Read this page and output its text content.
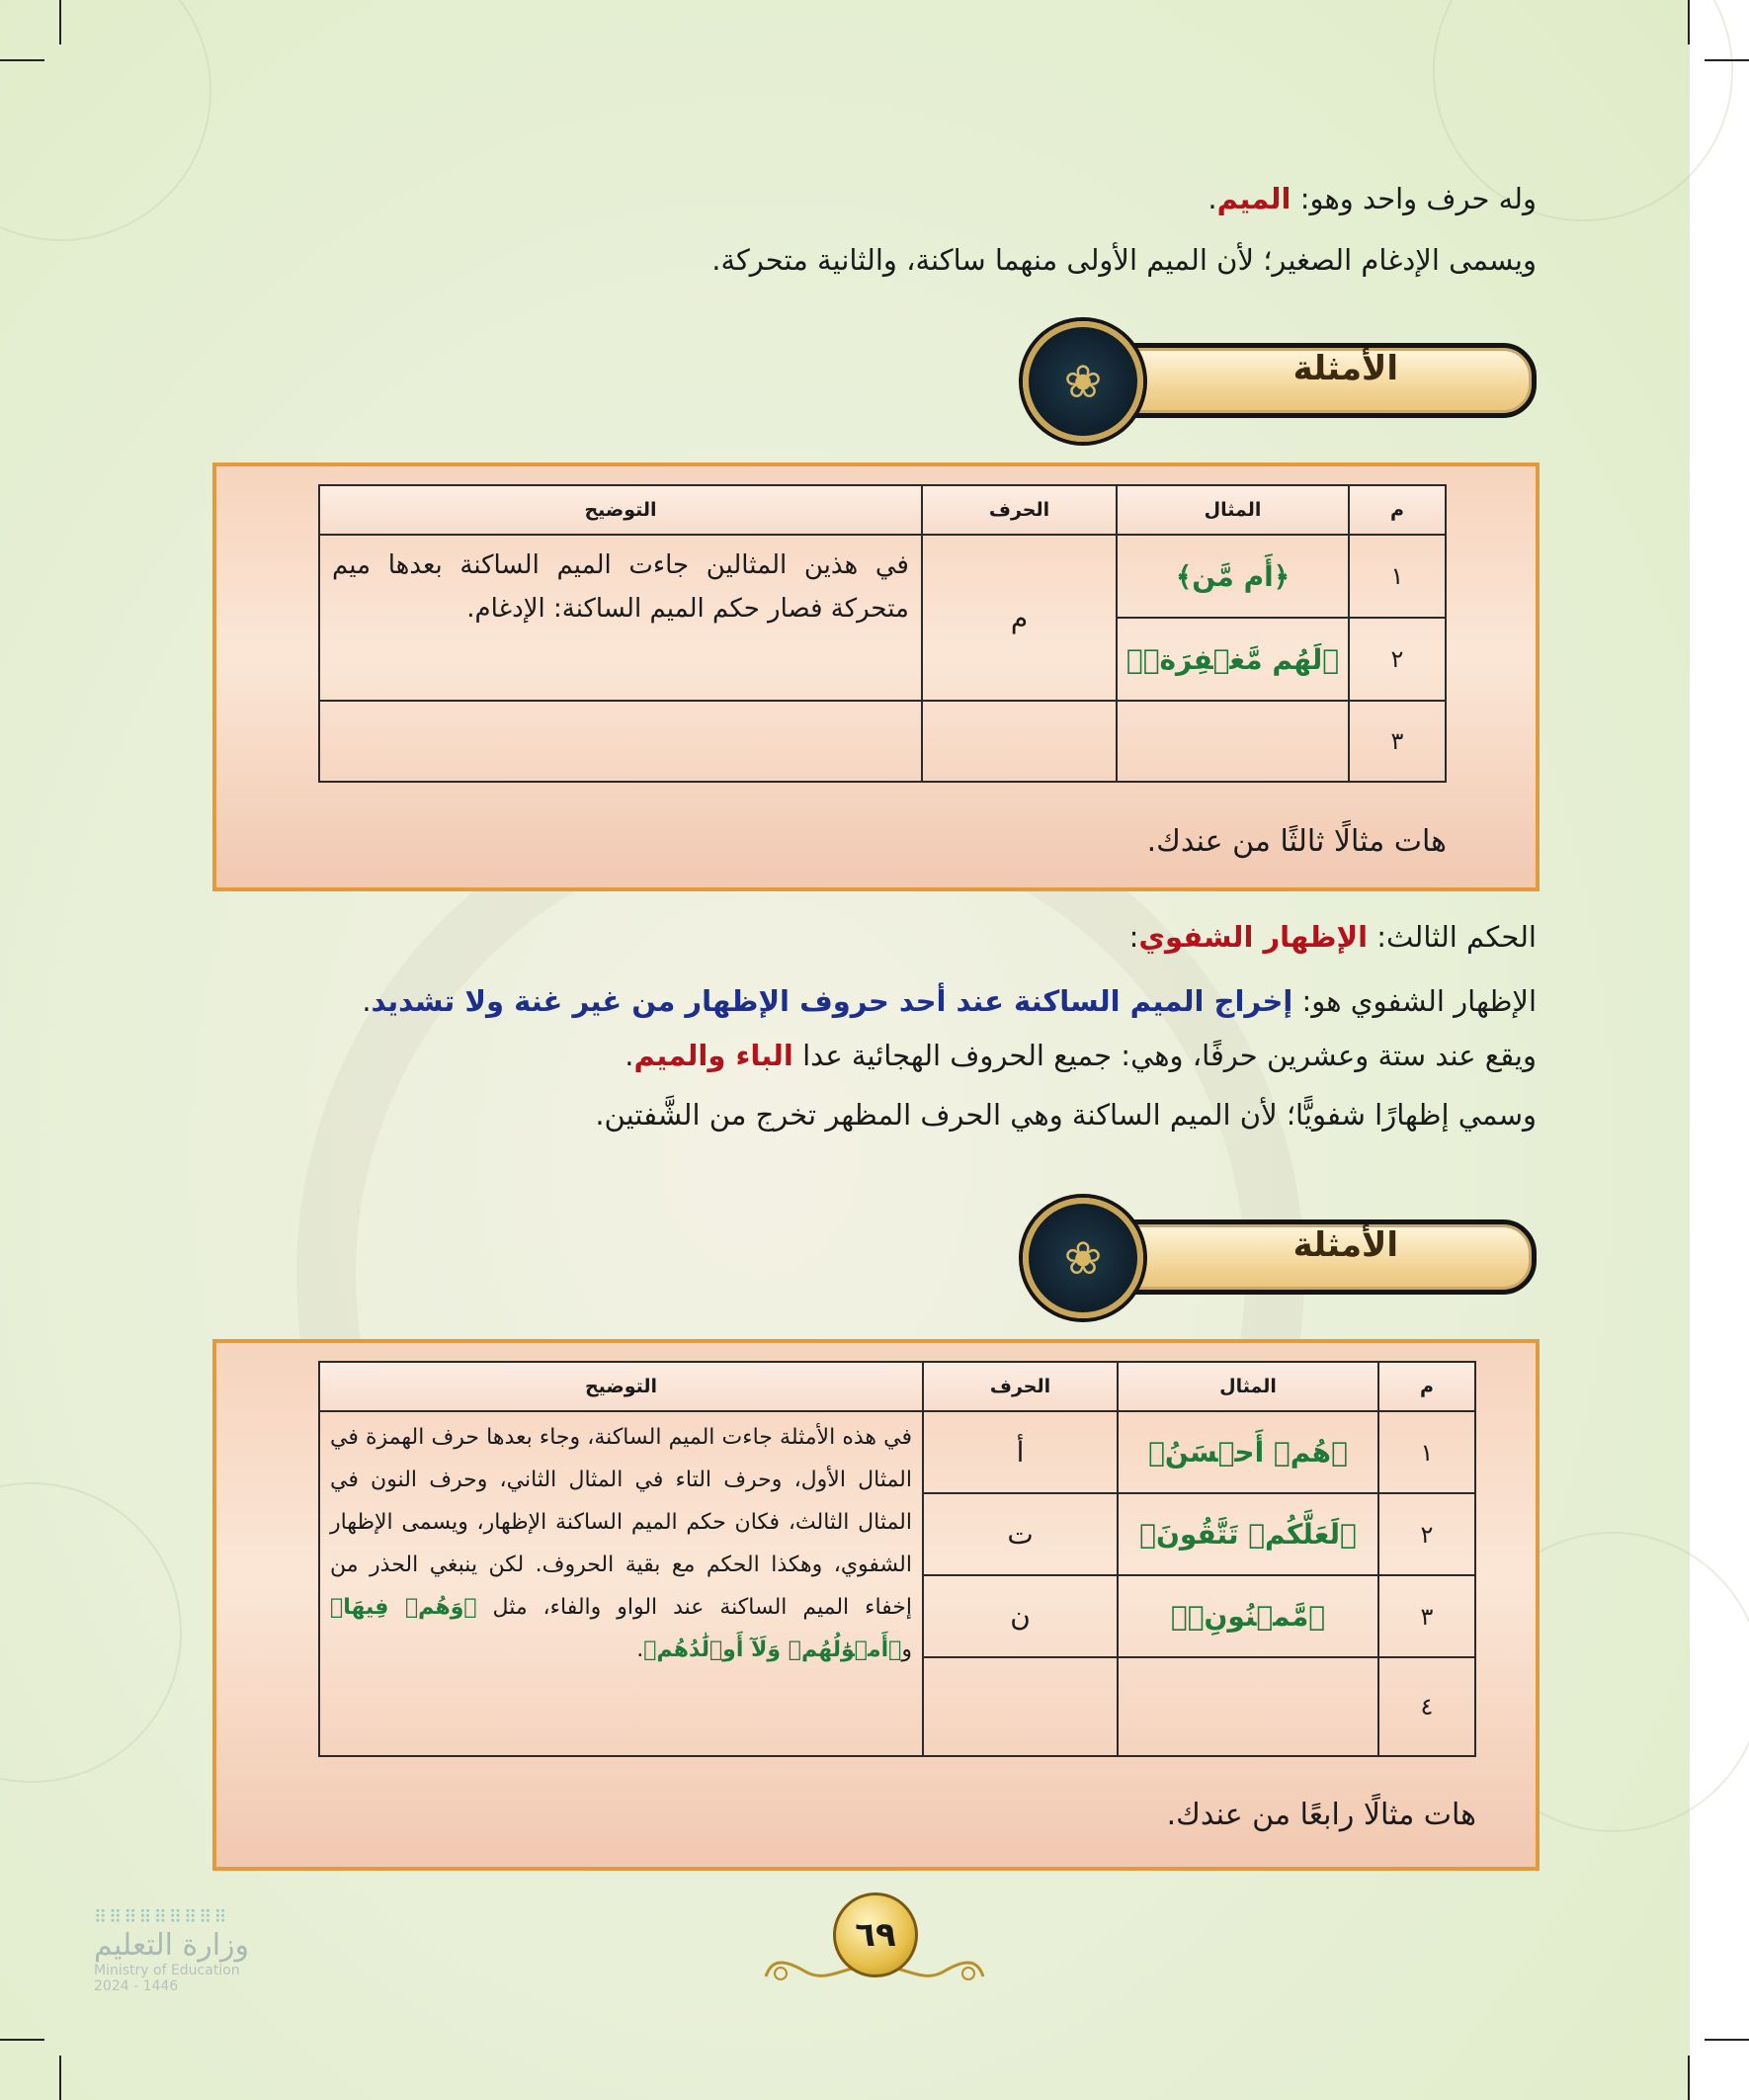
وله حرف واحد وهو: الميم.
ويسمى الإدغام الصغير؛ لأن الميم الأولى منهما ساكنة، والثانية متحركة.
❀	الأمثلة
م	المثال	الحرف	التوضيح
١	﴿أَم مَّن﴾	م	في هذين المثالين جاءت الميم الساكنة بعدها ميم متحركة فصار حكم الميم الساكنة: الإدغام.
٢	﴿لَهُم مَّغۡفِرَةٞ﴾		
٣			
هات مثالًا ثالثًا من عندك.
الحكم الثالث: الإظهار الشفوي:
الإظهار الشفوي هو: إخراج الميم الساكنة عند أحد حروف الإظهار من غير غنة ولا تشديد.
ويقع عند ستة وعشرين حرفًا، وهي: جميع الحروف الهجائية عدا الباء والميم.
وسمي إظهارًا شفويًّا؛ لأن الميم الساكنة وهي الحرف المظهر تخرج من الشَّفتين.
❀	الأمثلة
م	المثال	الحرف	التوضيح
١	﴿هُمۡ أَحۡسَنُ﴾	أ	في هذه الأمثلة جاءت الميم الساكنة، وجاء بعدها حرف الهمزة في المثال الأول، وحرف التاء في المثال الثاني، وحرف النون في المثال الثالث، فكان حكم الميم الساكنة الإظهار، ويسمى الإظهار الشفوي، وهكذا الحكم مع بقية الحروف. لكن ينبغي الحذر من إخفاء الميم الساكنة عند الواو والفاء، مثل ﴿وَهُمۡ فِيهَا﴾ و﴿أَمۡوَٰلُهُمۡ وَلَآ أَوۡلَٰدُهُم﴾.
٢	﴿لَعَلَّكُمۡ تَتَّقُونَ﴾	ت	
٣	﴿مَّمۡنُونِۭ﴾	ن	
٤			
هات مثالًا رابعًا من عندك.
٦٩
⠿⠿⠿⠿⠿⠿⠿⠿⠿
وزارة التعليم
Ministry of Education
2024 - 1446
